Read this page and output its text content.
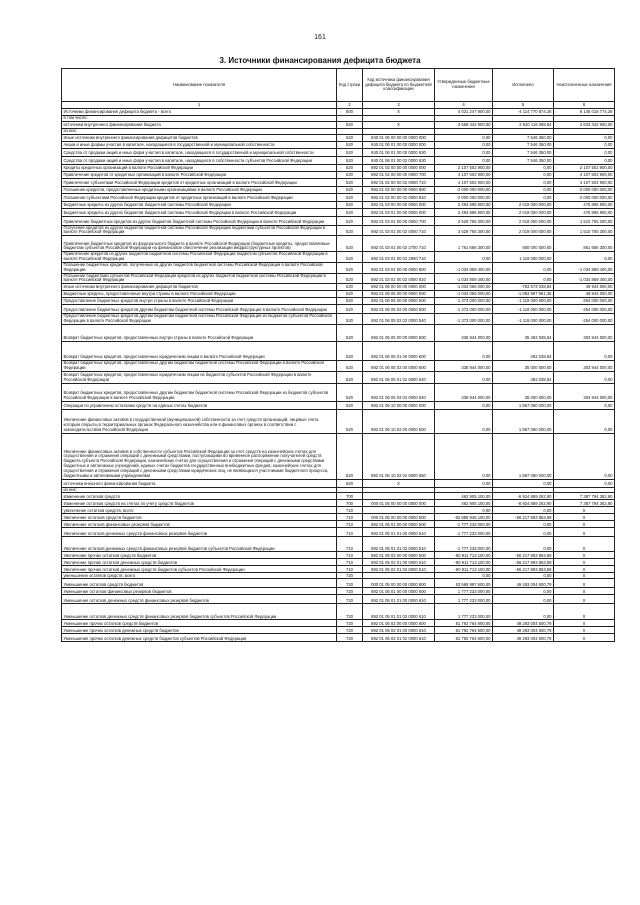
161
3. Источники финансирования дефицита бюджета
Наименование показателя	Код строки	Код источника финансирования дефицита бюджета по бюджетной классификации	Утвержденные бюджетные назначения	Исполнено	Неисполненные назначения
1	2	3	4	5	6
Источники финансирования дефицита бюджета - всего	500	X	4 031 247 900,00	-4 114 770 874,26	8 146 018 774,26
в том числе:					
источники внутреннего финансирования бюджета	520	X	3 568 342 900,00	2 910 118 388,84	2 633 342 900,00
из них:					
Иные источники внутреннего финансирования дефицитов бюджетов	520	840 01 06 00 00 00 0000 000	0,00	7 546 350,00	0,00
Акции и иные формы участия в капитале, находящиеся в государственной и муниципальной собственности	520	840 01 06 01 00 00 0000 000	0,00	7 546 350,00	0,00
Средства от продажи акций и иных форм участия в капитале, находящихся в государственной и муниципальной собственности	520	840 01 06 01 00 00 0000 630	0,00	7 546 350,00	0,00
Средства от продажи акций и иных форм участия в капитале, находящихся в собственности субъектов Российской Федерации	520	840 01 06 01 00 02 0000 630	0,00	7 546 350,00	0,00
Кредиты кредитных организаций в валюте Российской Федерации	520	892 01 02 00 00 00 0000 000	2 107 502 900,00	0,00	2 107 502 900,00
Привлечение кредитов от кредитных организаций в валюте Российской Федерации	520	892 01 02 00 00 00 0000 700	4 107 502 900,00	0,00	4 107 502 900,00
Привлечение субъектами Российской Федерации кредитов от кредитных организаций в валюте Российской Федерации	520	892 01 02 00 00 02 0000 710	4 107 502 900,00	0,00	4 107 502 900,00
Погашение кредитов, предоставленных кредитными организациями в валюте Российской Федерации	520	892 01 02 00 00 00 0000 800	-2 000 000 000,00	0,00	-2 000 000 000,00
Погашение субъектами Российской Федерации кредитов от кредитных организаций в валюте Российской Федерации	520	892 01 02 00 00 02 0000 810	-2 000 000 000,00	0,00	-2 000 000 000,00
Бюджетные кредиты из других бюджетов бюджетной системы Российской Федерации	520	892 01 03 00 00 00 0000 000	2 494 895 900,00	2 019 000 000,00	475 895 900,00
Бюджетные кредиты из других бюджетов бюджетной системы Российской Федерации в валюте Российской Федерации	520	892 01 03 01 00 00 0000 000	2 494 895 900,00	2 019 000 000,00	475 895 900,00
Привлечение бюджетных кредитов из других бюджетов бюджетной системы Российской Федерации в валюте Российской Федерации	520	892 01 03 01 00 00 0000 700	3 529 755 300,00	2 019 000 000,00	1 510 755 300,00
Получение кредитов из других бюджетов бюджетной системы Российской Федерации бюджетами субъектов Российской Федерации в валюте Российской Федерации	520	892 01 03 01 00 02 0000 710	3 529 755 300,00	2 019 000 000,00	1 510 755 300,00
Привлечение бюджетных кредитов из федерального бюджета в валюте Российской Федерации (бюджетные кредиты, предоставляемые бюджетам субъектов Российской Федерации на финансовое обеспечение реализации инфраструктурных проектов)	520	892 01 03 01 00 02 2700 710	1 761 686 300,00	900 000 000,00	861 686 300,00
Привлечение кредитов из других бюджетов бюджетной системы Российской Федерации бюджетом субъектов Российской Федерации в валюте Российской Федерации	520	892 01 03 01 00 02 2900 710	0,00	1 119 000 000,00	0,00
Погашение бюджетных кредитов, полученных из других бюджетов бюджетной системы Российской Федерации в валюте Российской Федерации	520	892 01 03 01 00 00 0000 800	-1 034 859 400,00	0,00	-1 034 859 400,00
Погашение бюджетами субъектов Российской Федерации кредитов из других бюджетов бюджетной системы Российской Федерации в валюте Российской Федерации	520	892 01 03 01 00 02 0000 810	-1 034 859 400,00	0,00	-1 034 859 400,00
Иные источники внутреннего финансирования дефицитов бюджетов	520	892 01 06 00 00 00 0000 000	-1 034 056 000,00	-783 573 038,84	49 944 000,00
Бюджетные кредиты, предоставленные внутри страны в валюте Российской Федерации	520	892 01 06 05 00 00 0000 000	-1 034 056 000,00	-1 083 987 961,36	49 944 000,00
Предоставление бюджетных кредитов внутри страны в валюте Российской Федерации	520	892 01 06 05 00 00 0000 500	-1 373 000 000,00	-1 119 000 000,00	-254 000 000,00
Предоставление бюджетных кредитов другим бюджетам бюджетной системы Российской Федерации в валюте Российской Федерации	520	892 01 06 05 02 00 0000 500	-1 373 000 000,00	-1 119 000 000,00	-254 000 000,00
Предоставление бюджетных кредитов другим бюджетам бюджетной системы Российской Федерации из бюджетов субъектов Российской Федерации в валюте Российской Федерации	520	892 01 06 05 02 02 0000 540	-1 373 000 000,00	-1 119 000 000,00	-254 000 000,00
Возврат бюджетных кредитов, предоставленных внутри страны в валюте Российской Федерации	520	892 01 06 05 00 00 0000 600	338 944 000,00	35 492 038,64	303 944 000,00
Возврат бюджетных кредитов, предоставленных юридическим лицам в валюте Российской Федерации	520	892 01 06 05 01 00 0000 600	0,00	492 038,64	0,00
Возврат бюджетных кредитов, предоставленных другим бюджетам бюджетной системы Российской Федерации в валюте Российской Федерации	520	892 01 06 05 02 00 0000 600	338 944 000,00	35 000 000,00	303 944 000,00
Возврат бюджетных кредитов, предоставленных юридическим лицам из бюджетов субъектов Российской Федерации в валюте Российской Федерации	520	892 01 06 05 01 02 0000 640	0,00	492 038,64	0,00
Возврат бюджетных кредитов, предоставленных другим бюджетам бюджетной системы Российской Федерации из бюджетов субъектов Российской Федерации в валюте Российской Федерации	520	892 01 06 05 02 02 0000 640	338 944 000,00	35 000 000,00	303 944 000,00
Операции по управлению остатками средств на единых счетах бюджетов	520	892 01 06 10 00 00 0000 000	0,00	1 867 080 000,00	0,00
Увеличение финансовых активов в государственной (муниципальной) собственности за счет средств организаций, лицевые счета которым открыты в территориальных органах Федерального казначейства или в финансовых органах в соответствии с законодательством Российской Федерации	520	892 01 06 10 02 00 0000 500	0,00	1 867 080 000,00	0,00
Увеличение финансовых активов в собственности субъектов Российской Федерации за счет средств на казначейских счетах для осуществления и отражения операций с денежными средствами, поступающими во временное распоряжение получателей средств бюджета субъекта Российской Федерации, казначейских счетах для осуществления и отражения операций с денежными средствами бюджетных и автономных учреждений, единых счетах бюджетов государственных внебюджетных фондов, казначейских счетах для осуществления и отражения операций с денежными средствами юридических лиц, не являющихся участниками бюджетного процесса, бюджетными и автономными учреждениями	520	892 01 06 10 02 02 0000 550	0,00	1 867 080 000,00	0,00
источники внешнего финансирования бюджета	620	X	0,00	0,00	0,00
из них:					
Изменение остатков средств	700		462 905 100,00	-6 924 889 262,90	7 387 794 362,90
Изменение остатков средств на счетах по учету средств бюджетов	700	000 01 05 00 00 00 0000 000	462 905 100,00	-6 924 889 262,90	7 387 794 362,90
увеличение остатков средств, всего	710		0,00	0,00	X
Увеличение остатков средств бюджетов	710	000 01 05 00 00 00 0000 500	-82 888 946 100,00	-56 217 893 863,69	X
Увеличение остатков финансовых резервов бюджетов	710	892 01 05 01 00 00 0000 500	-1 777 233 000,00	0,00	X
Увеличение остатков денежных средств финансовых резервов бюджетов	710	892 01 05 01 01 00 0000 510	-1 777 233 000,00	0,00	X
Увеличение остатков денежных средств финансовых резервов бюджетов субъектов Российской Федерации	710	892 01 05 01 01 02 0000 510	-1 777 233 000,00	0,00	X
Увеличение прочих остатков средств бюджетов	710	892 01 05 02 00 00 0000 500	-80 911 713 100,00	-56 217 893 863,69	X
Увеличение прочих остатков денежных средств бюджетов	710	892 01 05 02 01 00 0000 510	-80 911 713 100,00	-56 217 893 863,69	X
Увеличение прочих остатков денежных средств бюджетов субъектов Российской Федерации	710	892 01 05 02 01 02 0000 510	-80 911 713 100,00	-56 217 893 863,69	X
уменьшение остатков средств, всего	720		0,00	0,00	X
Уменьшение остатков средств бюджетов	720	000 01 05 00 00 00 0000 600	83 569 997 600,00	49 293 004 600,79	X
Уменьшение остатков финансовых резервов бюджетов	720	892 01 05 01 00 00 0000 600	1 777 233 000,00	0,00	X
Уменьшение остатков денежных средств финансовых резервов бюджетов	720	892 01 05 01 01 00 0000 610	1 777 233 000,00	0,00	X
Уменьшение остатков денежных средств финансовых резервов бюджетов субъектов Российской Федерации	720	892 01 05 01 01 02 0000 610	1 777 233 000,00	0,00	X
Уменьшение прочих остатков средств бюджетов	720	892 01 05 02 00 00 0000 600	81 792 764 600,00	49 293 004 600,79	X
Уменьшение прочих остатков денежных средств бюджетов	720	892 01 05 02 01 00 0000 610	81 792 764 600,00	49 293 004 600,79	X
Уменьшение прочих остатков денежных средств бюджетов субъектов Российской Федерации	720	892 01 05 02 01 02 0000 610	81 792 764 600,00	49 293 004 600,79	X
